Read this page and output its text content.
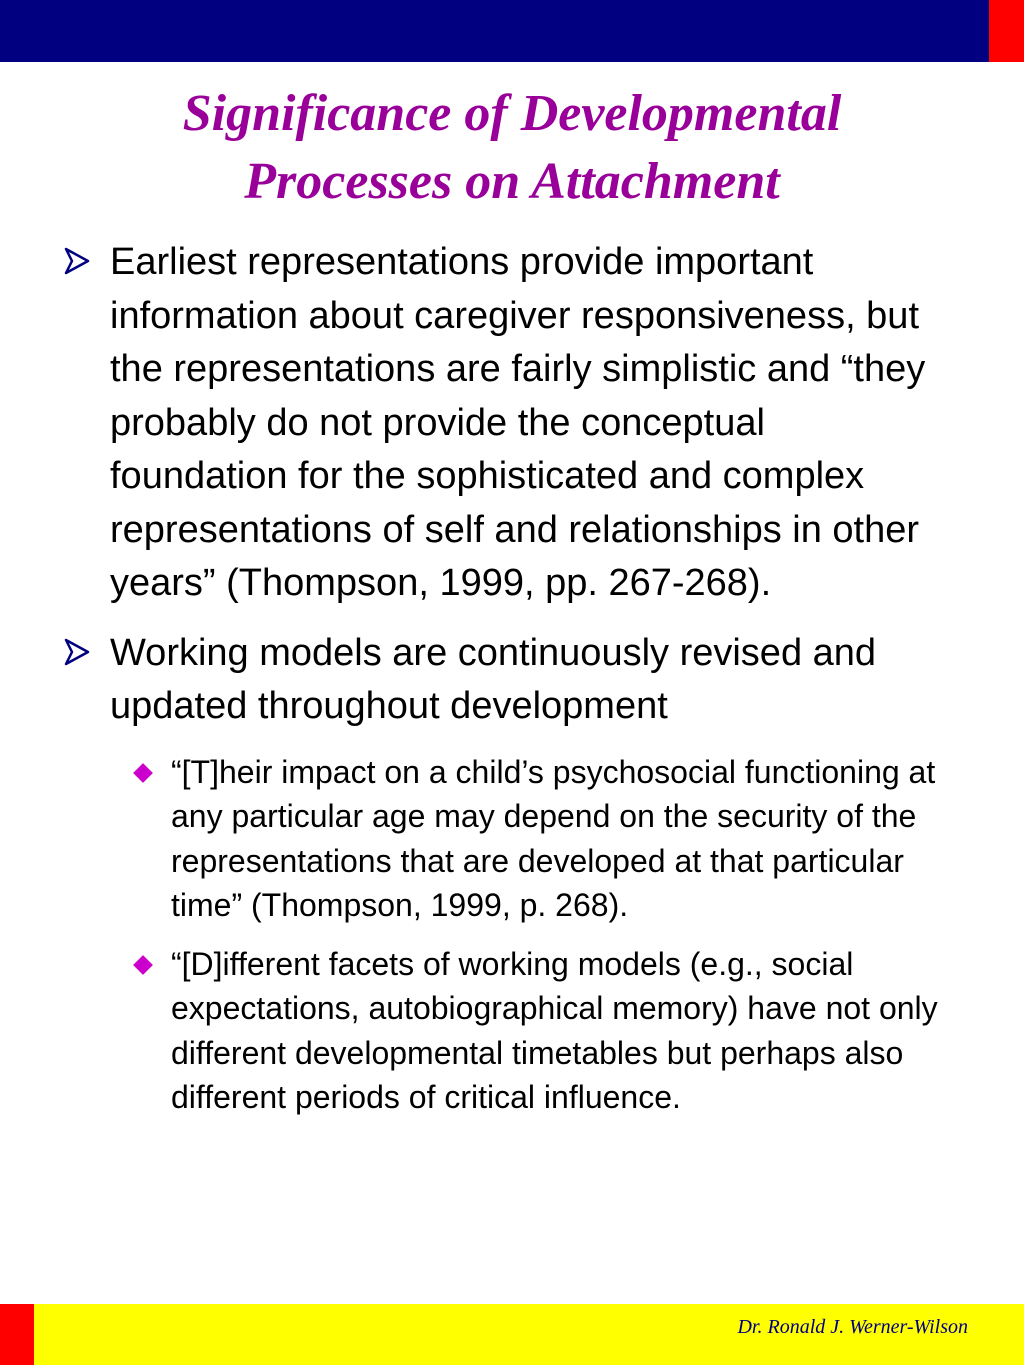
Significance of Developmental
Processes on Attachment
Earliest representations provide important information about caregiver responsiveness, but the representations are fairly simplistic and “they probably do not provide the conceptual foundation for the sophisticated and complex representations of self and relationships in other years” (Thompson, 1999, pp. 267-268).
Working models are continuously revised and updated throughout development
“[T]heir impact on a child’s psychosocial functioning at any particular age may depend on the security of the representations that are developed at that particular time” (Thompson, 1999, p. 268).
“[D]ifferent facets of working models (e.g., social expectations, autobiographical memory) have not only different developmental timetables but perhaps also different periods of critical influence.
Dr. Ronald J. Werner-Wilson
